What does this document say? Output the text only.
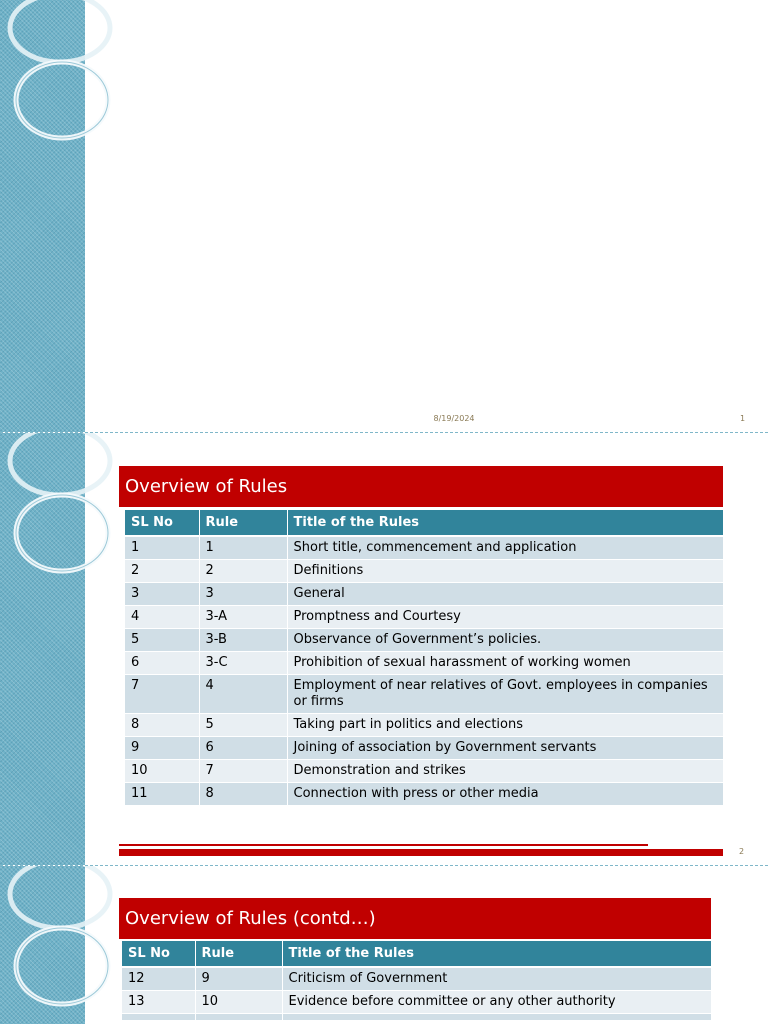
8/19/2024	1
Overview of Rules
SL No	Rule	Title of the Rules
1	1	Short title, commencement and application
2	2	Definitions
3	3	General
4	3-A	Promptness and Courtesy
5	3-B	Observance of Government’s policies.
6	3-C	Prohibition of sexual harassment of working women
7	4	Employment of near relatives of Govt. employees in companies or firms
8	5	Taking part in politics and elections
9	6	Joining of association by Government servants
10	7	Demonstration and strikes
11	8	Connection with press or other media
2
Overview of Rules (contd…)
SL No	Rule	Title of the Rules
12	9	Criticism of Government
13	10	Evidence before committee or any other authority
